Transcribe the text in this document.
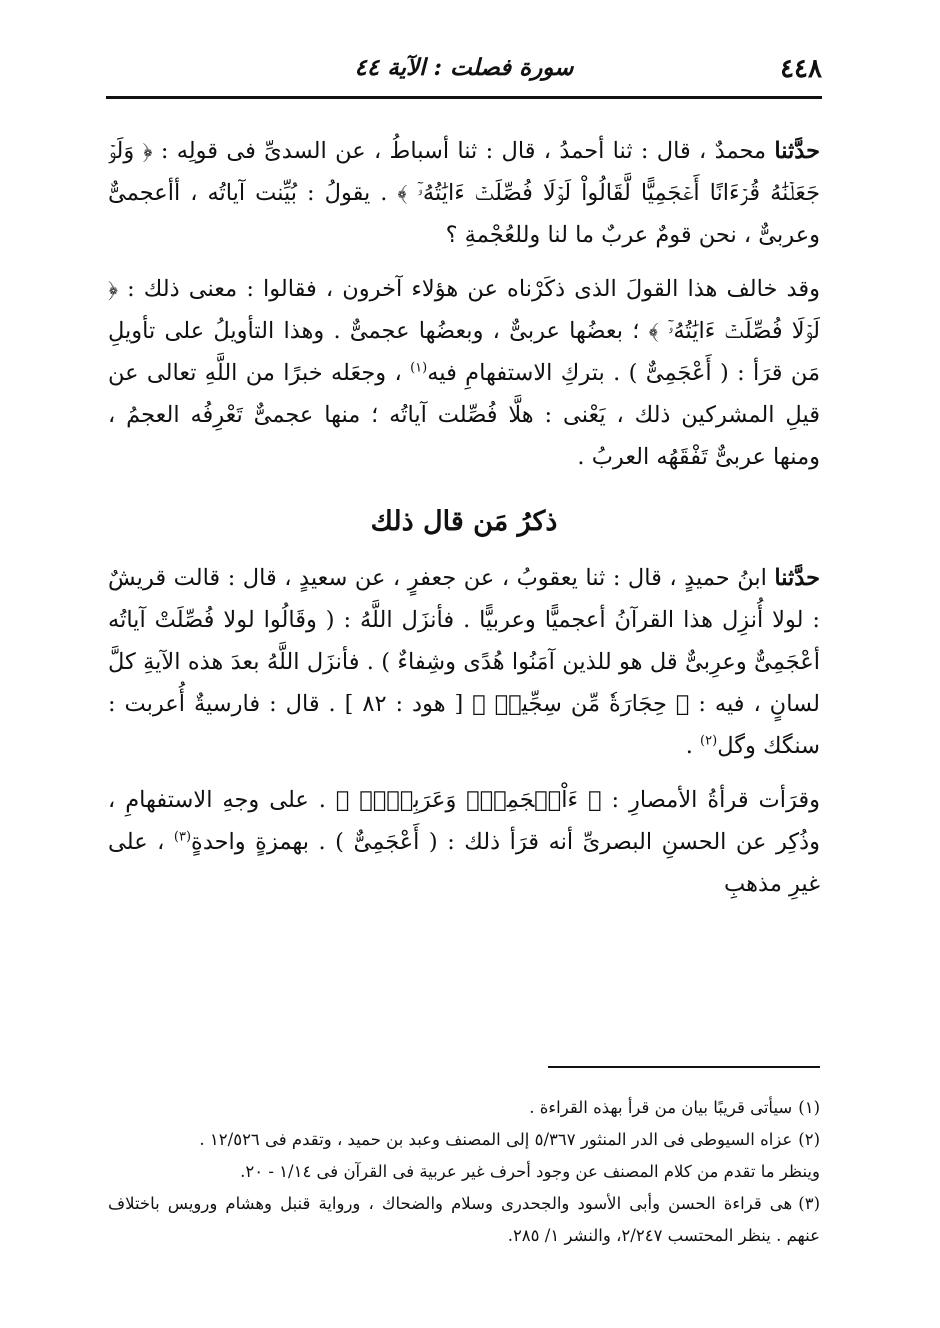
٤٤٨
سورة فصلت : الآية ٤٤

حدَّثنا محمدٌ ، قال : ثنا أحمدُ ، قال : ثنا أسباطُ ، عن السدىِّ فى قولِه : ﴿ وَلَوۡ جَعَلۡنَٰهُ قُرۡءَانًا أَعۡجَمِيًّا لَّقَالُواْ لَوۡلَا فُصِّلَتۡ ءَايَٰتُهُۥٓ ﴾ . يقولُ : بُيِّنت آياتُه ، أأعجمىٌّ وعربىٌّ ، نحن قومٌ عربٌ ما لنا وللعُجْمةِ ؟

وقد خالف هذا القولَ الذى ذكَرْناه عن هؤلاء آخرون ، فقالوا : معنى ذلك : ﴿ لَوۡلَا فُصِّلَتۡ ءَايَٰتُهُۥٓ ﴾ ؛ بعضُها عربىٌّ ، وبعضُها عجمىٌّ . وهذا التأويلُ على تأويلِ مَن قرَأ : ( أَعْجَمِىٌّ ) . بتركِ الاستفهامِ فيه$^{(١)}$ ، وجعَله خبرًا من اللَّهِ تعالى عن قيلِ المشركين ذلك ، يَعْنى : هلَّا فُصِّلت آياتُه ؛ منها عجمىٌّ تَعْرِفُه العجمُ ، ومنها عربىٌّ تَفْقَهُه العربُ .

ذكرُ مَن قال ذلك

حدَّثنا ابنُ حميدٍ ، قال : ثنا يعقوبُ ، عن جعفرٍ ، عن سعيدٍ ، قال : قالت قريشٌ : لولا أُنزِل هذا القرآنُ أعجميًّا وعربيًّا . فأنزَل اللَّهُ : ( وقَالُوا لولا فُصِّلَتْ آياتُه أعْجَمِىٌّ وعرِبىٌّ قل هو للذين آمَنُوا هُدًى وشِفاءٌ ) . فأنزَل اللَّهُ بعدَ هذه الآيةِ كلَّ لسانٍ ، فيه : ﴿ حِجَارَةٗ مِّن سِجِّيلٖ ﴾ [ هود : ٨٢ ] . قال : فارسيةٌ أُعربت : سنگك وگل$^{(٢)}$ .

وقرَأت قرأةُ الأمصارِ : ﴿ ءَاْعۡجَمِيّٞ وَعَرَبِيّٞۗ ﴾ . على وجهِ الاستفهامِ ، وذُكِر عن الحسنِ البصرىِّ أنه قرَأ ذلك : ( أَعْجَمِىٌّ ) . بهمزةٍ واحدةٍ$^{(٣)}$ ، على غيرِ مذهبِ

(١)سيأتى قريبًا بيان من قرأ بهذه القراءة .

(٢)عزاه السيوطى فى الدر المنثور ٥/٣٦٧ إلى المصنف وعبد بن حميد ، وتقدم فى ١٢/٥٢٦ .

وينظر ما تقدم من كلام المصنف عن وجود أحرف غير عربية فى القرآن فى ١/١٤ - ٢٠.

(٣)هى قراءة الحسن وأبى الأسود والجحدرى وسلام والضحاك ، ورواية قنبل وهشام ورويس باختلاف عنهم . ينظر المحتسب ٢/٢٤٧، والنشر ١/ ٢٨٥.
